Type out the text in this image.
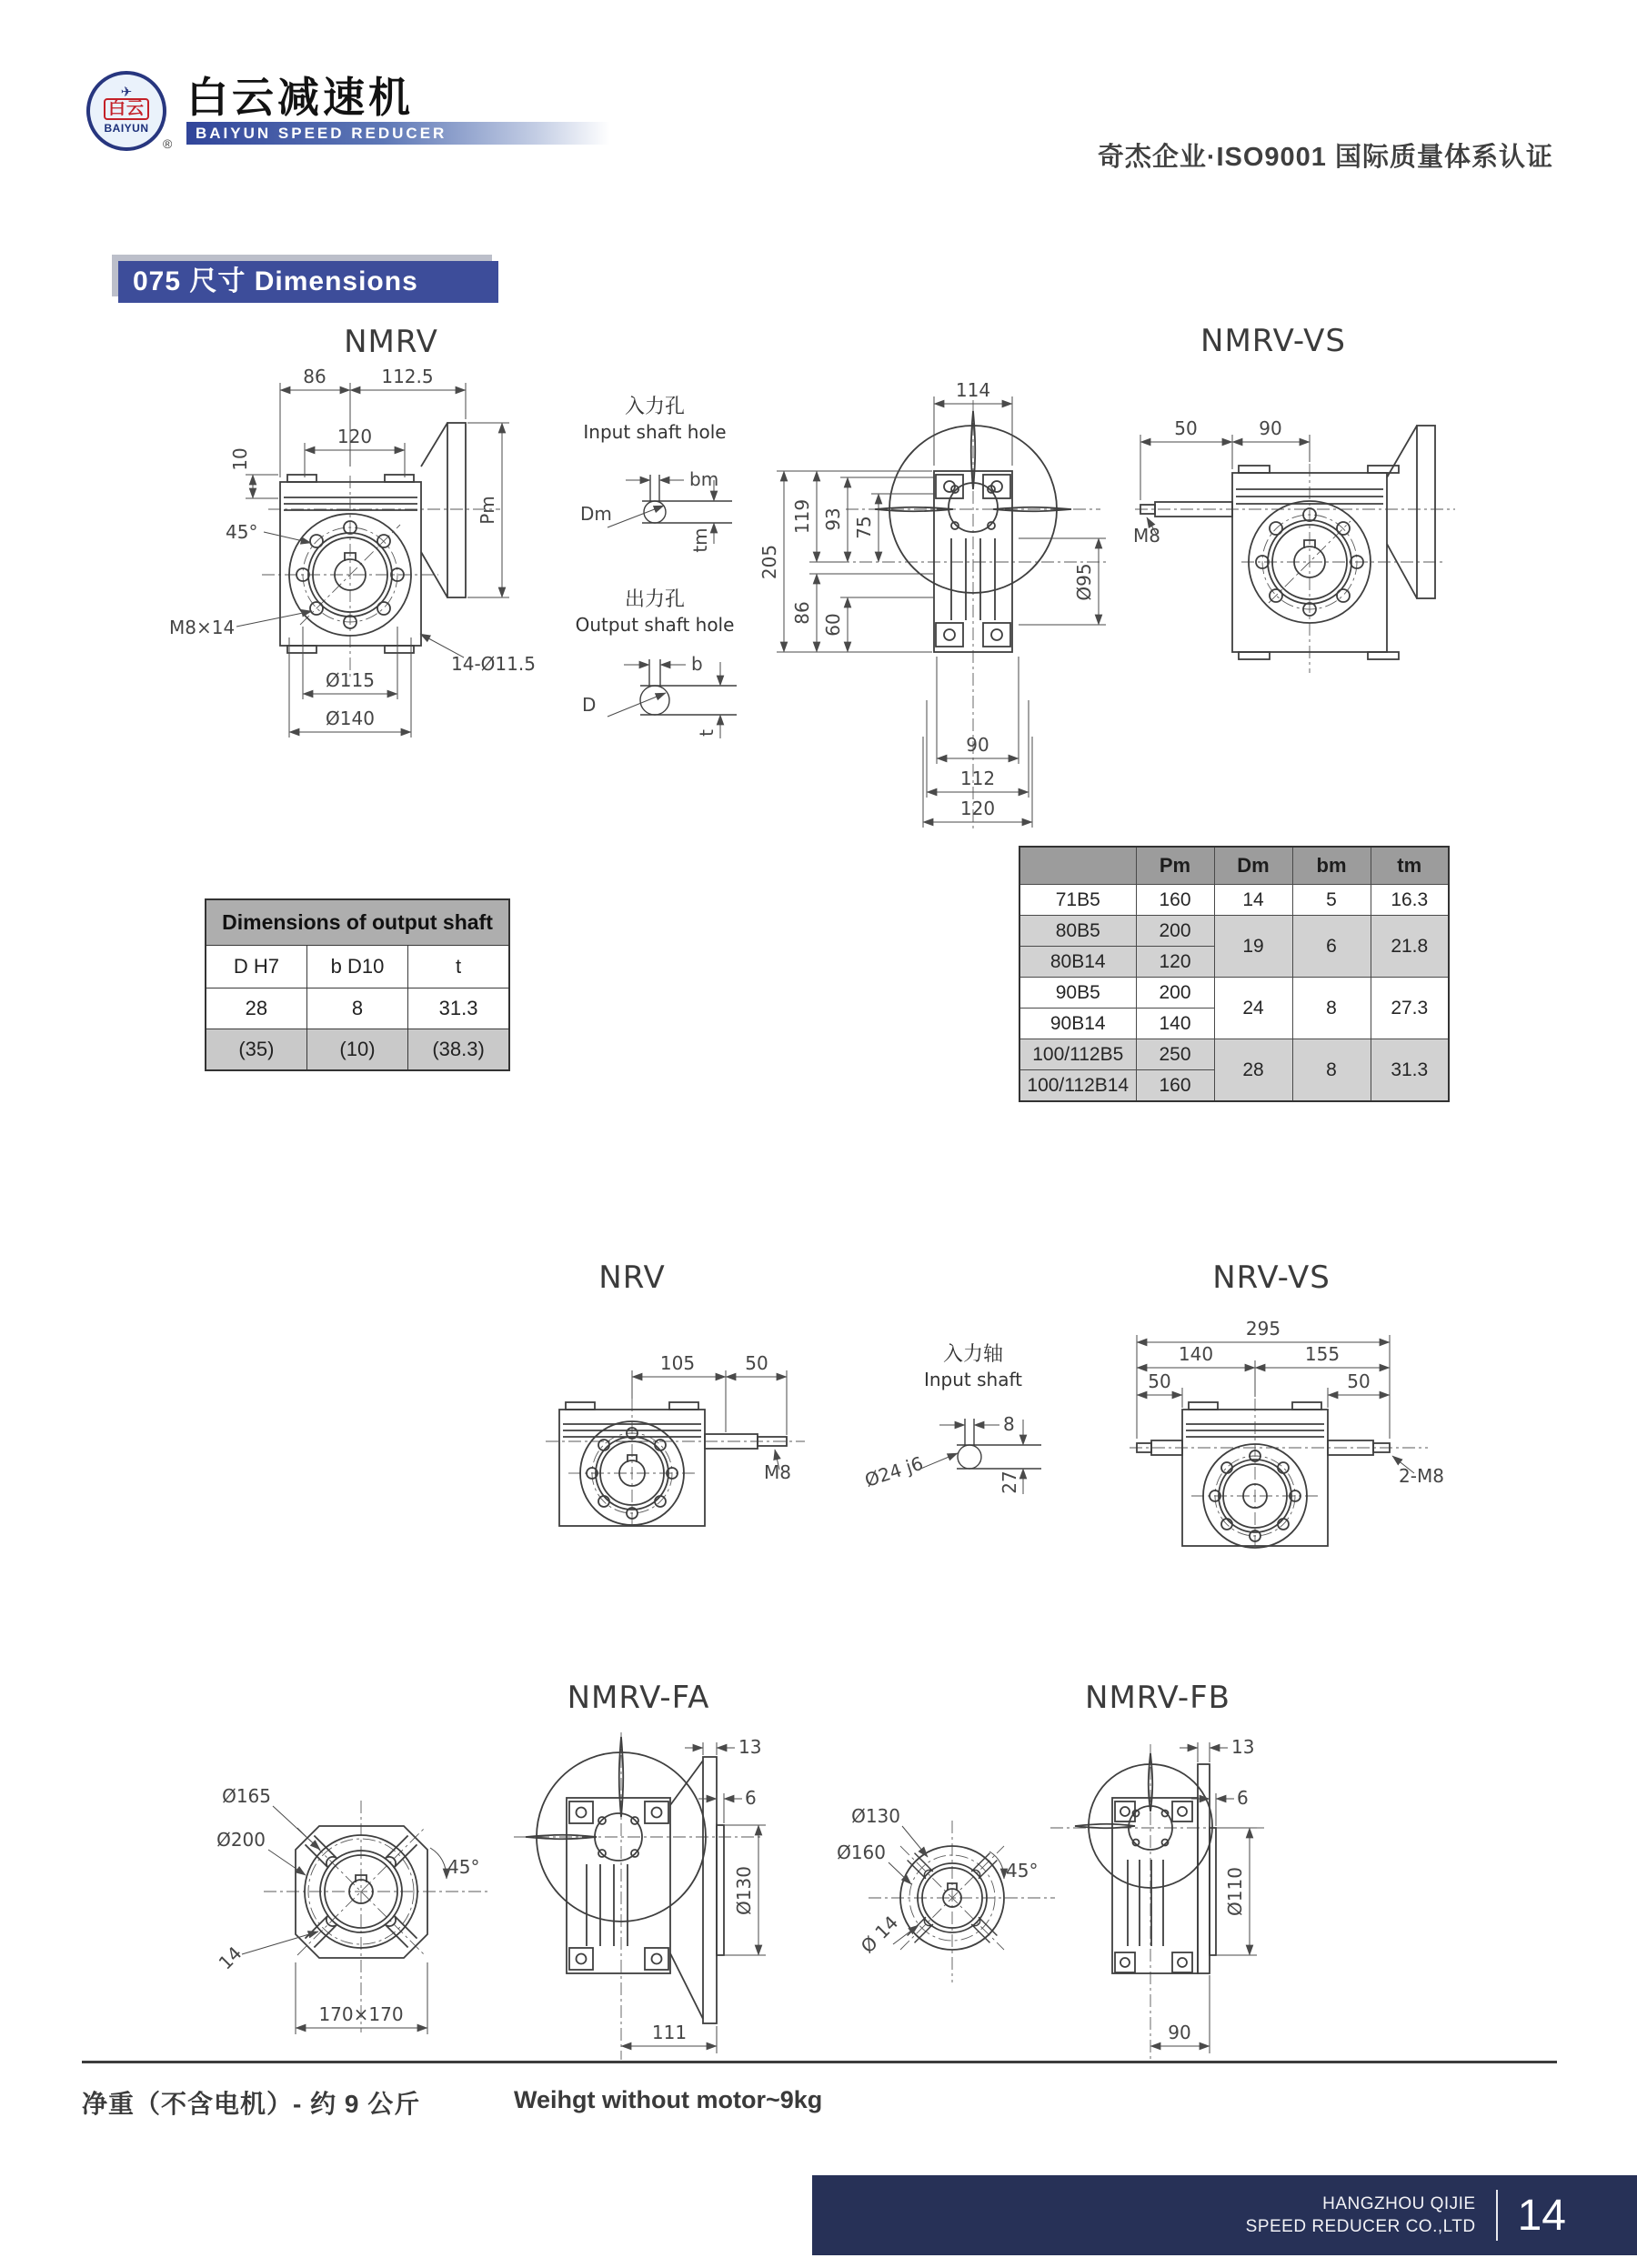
✈
白云
BAIYUN
®
白云减速机
BAIYUN SPEED REDUCER
奇杰企业·ISO9001 国际质量体系认证
075 尺寸 Dimensions
NMRV
86	112.5
120
10
45°
M8×14
Ø115
Ø140
14-Ø11.5
Pm
入力孔
Input shaft hole
bm
Dm
tm
出力孔
Output shaft hole
b
D
t
114
205
119
86
93
60
75
Ø95
90
112
120
NMRV-VS
50	90
M8
Dimensions of output shaft		
D H7	b D10	t
28	8	31.3
(35)	(10)	(38.3)
	Pm	Dm	bm	tm
71B5	160	14	5	16.3
80B5	200	19	6	21.8
80B14	120			
90B5	200	24	8	27.3
90B14	140			
100/112B5	250	28	8	31.3
100/112B14	160			
NRV
105	50
M8
入力轴
Input shaft
8
27
Ø24 j6
NRV-VS
295
140	155
50	50
2-M8
NMRV-FA
Ø165
Ø200
45°
14
170×170
13
6
Ø130
111
NMRV-FB
Ø130
Ø160
45°
Ø 14
13
6
Ø110
90
净重（不含电机）- 约 9 公斤	Weihgt without motor~9kg
HANGZHOU QIJIE
SPEED REDUCER CO.,LTD 14
